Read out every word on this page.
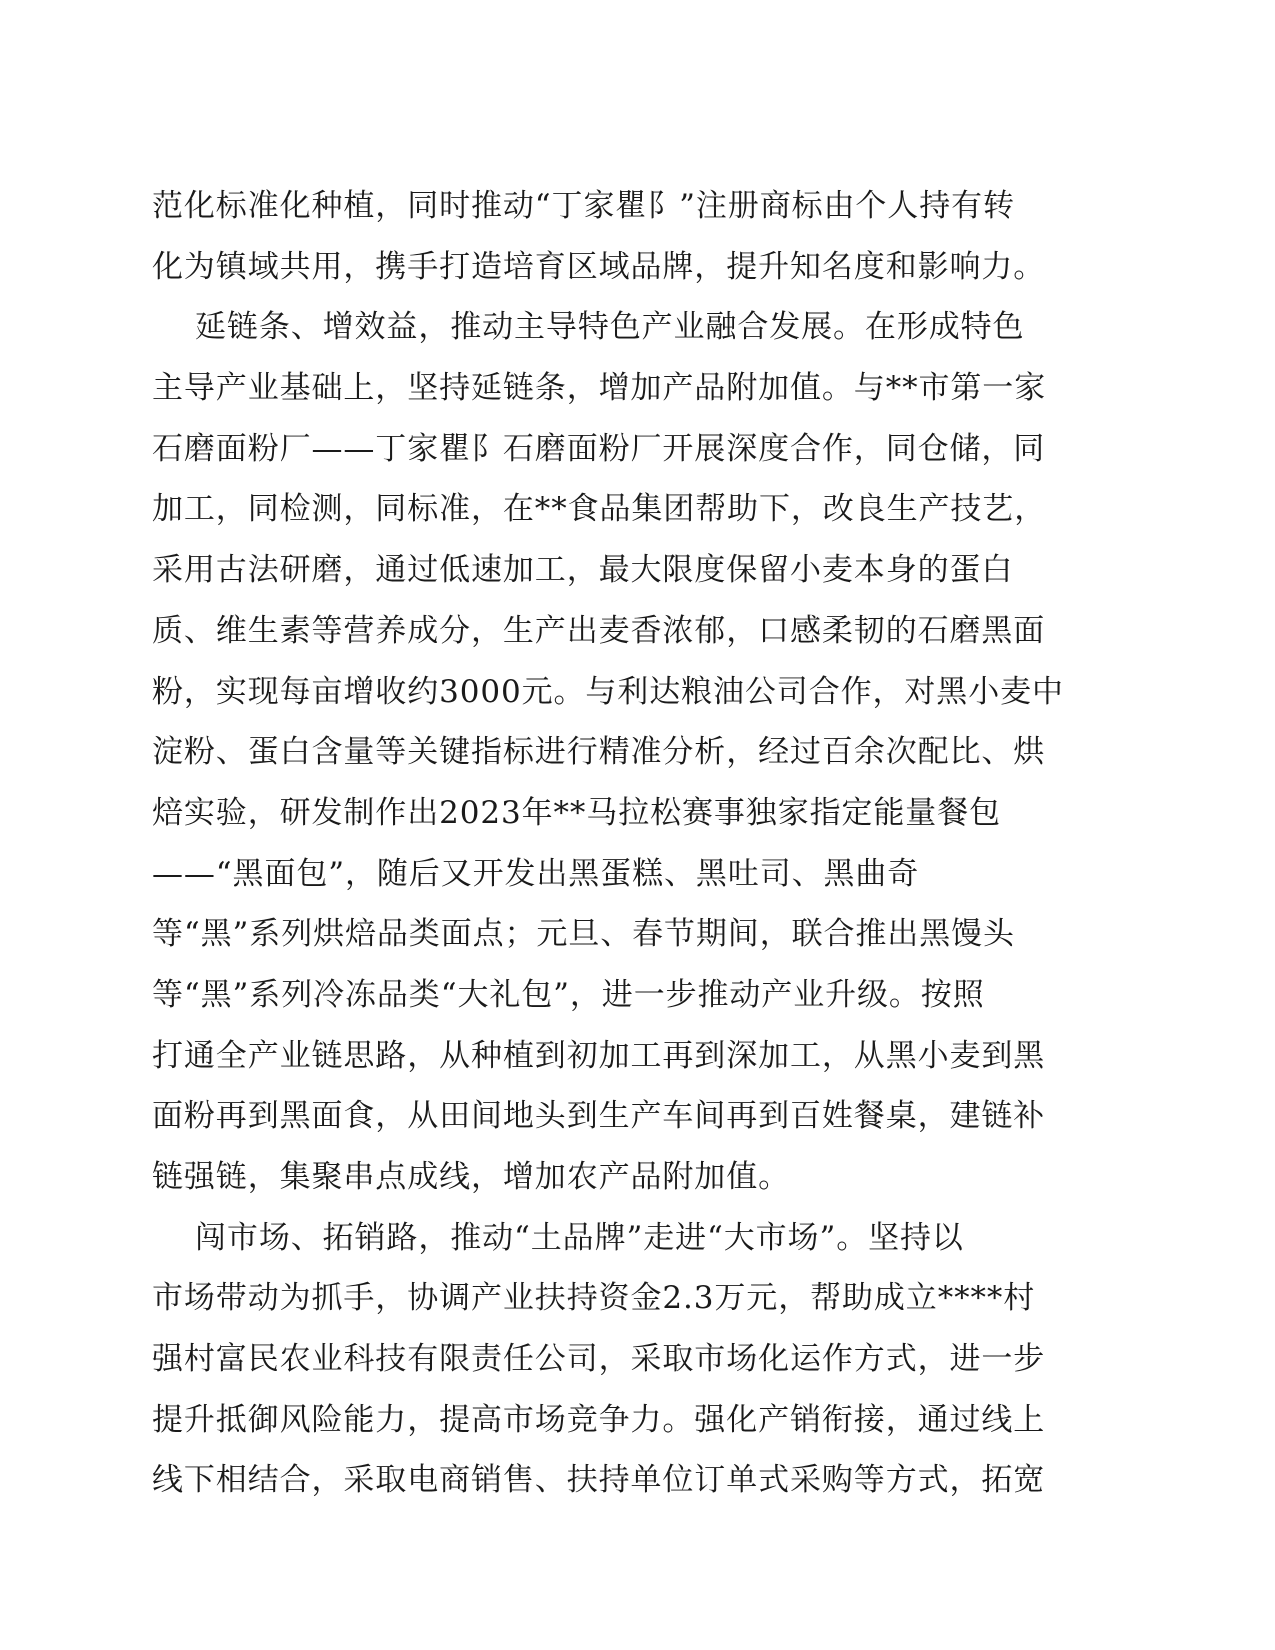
范化标准化种植，同时推动“丁家瞿阝”注册商标由个人持有转
化为镇域共用，携手打造培育区域品牌，提升知名度和影响力。
延链条、增效益，推动主导特色产业融合发展。在形成特色
主导产业基础上，坚持延链条，增加产品附加值。与**市第一家
石磨面粉厂——丁家瞿阝石磨面粉厂开展深度合作，同仓储，同
加工，同检测，同标准，在**食品集团帮助下，改良生产技艺，
采用古法研磨，通过低速加工，最大限度保留小麦本身的蛋白
质、维生素等营养成分，生产出麦香浓郁，口感柔韧的石磨黑面
粉，实现每亩增收约3000元。与利达粮油公司合作，对黑小麦中
淀粉、蛋白含量等关键指标进行精准分析，经过百余次配比、烘
焙实验，研发制作出2023年**马拉松赛事独家指定能量餐包
——“黑面包”，随后又开发出黑蛋糕、黑吐司、黑曲奇
等“黑”系列烘焙品类面点；元旦、春节期间，联合推出黑馒头
等“黑”系列冷冻品类“大礼包”，进一步推动产业升级。按照
打通全产业链思路，从种植到初加工再到深加工，从黑小麦到黑
面粉再到黑面食，从田间地头到生产车间再到百姓餐桌，建链补
链强链，集聚串点成线，增加农产品附加值。
闯市场、拓销路，推动“土品牌”走进“大市场”。坚持以
市场带动为抓手，协调产业扶持资金2.3万元，帮助成立****村
强村富民农业科技有限责任公司，采取市场化运作方式，进一步
提升抵御风险能力，提高市场竞争力。强化产销衔接，通过线上
线下相结合，采取电商销售、扶持单位订单式采购等方式，拓宽
